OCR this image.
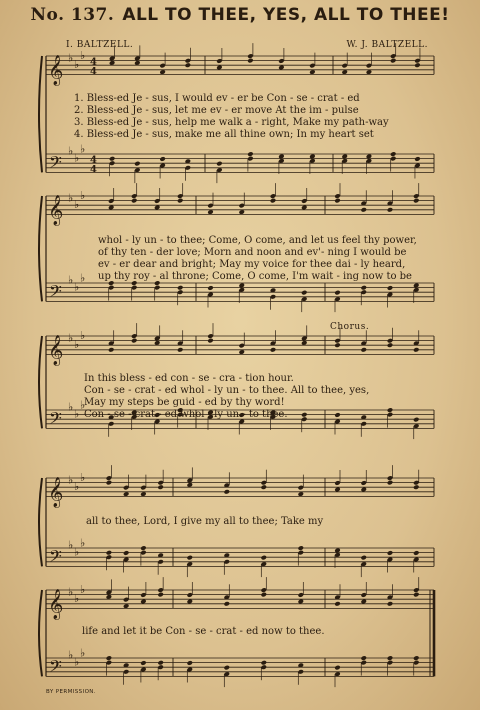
No. 137. ALL TO THEE, YES, ALL TO THEE!
I. BALTZELL.	W. J. BALTZELL.
Chorus.
BY PERMISSION.
𝄞
𝄢
♭
♭
♭
♭
♭
♭
4
4
4
4
𝄞
𝄢
♭
♭
♭
♭
♭
♭
𝄞
𝄢
♭
♭
♭
♭
♭
♭
𝄞
𝄢
♭
♭
♭
♭
♭
♭
𝄞
𝄢
♭
♭
♭
♭
♭
♭
1. Bless-ed Je - sus, I would ev - er be Con - se - crat - ed
2. Bless-ed Je - sus, let me ev - er move At the im - pulse
3. Bless-ed Je - sus, help me walk a - right, Make my path-way
4. Bless-ed Je - sus, make me all thine own; In my heart set
whol - ly un - to thee; Come, O come, and let us feel thy power,
of thy ten - der love; Morn and noon and ev'- ning I would be
ev - er dear and bright; May my voice for thee dai - ly heard,
up thy roy - al throne; Come, O come, I'm wait - ing now to be
In this bless - ed con - se - cra - tion hour.
Con - se - crat - ed whol - ly un - to thee. All to thee, yes,
May my steps be guid - ed by thy word!
Con - se - crat - ed whol - ly un - to thee.
all to thee, Lord, I give my all to thee; Take my
life and let it be Con - se - crat - ed now to thee.
